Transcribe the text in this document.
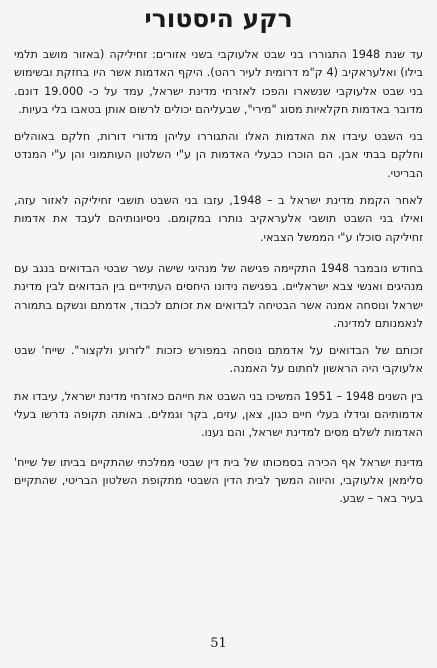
רקע היסטורי

עד שנת 1948 התגוררו בני שבט אלעוקבי בשני אזורים: זחיליקה (באזור מושב תלמי בילו) ואלעראקיב (4 ק"מ דרומית לעיר רהט). היקף האדמות אשר היו בחזקת ובשימוש בני שבט אלעוקבי שנשארו והפכו לאזרחי מדינת ישראל, עמד על כ- 19.000 דונם. מדובר באדמות חקלאיות מסוג "מירי", שבעליהם יכולים לרשום אותן בטאבו בלי בעיות.

בני השבט עיבדו את האדמות האלו והתגוררו עליהן מדורי דורות, חלקם באוהלים וחלקם בבתי אבן. הם הוכרו כבעלי האדמות הן ע"י השלטון העותמוני והן ע"י המנדט הבריטי.

לאחר הקמת מדינת ישראל ב – 1948, עזבו בני השבט תושבי זחיליקה לאזור עזה, ואילו בני השבט תושבי אלעראקיב נותרו במקומם. ניסיונותיהם לעבד את אדמות זחיליקה סוכלו ע"י הממשל הצבאי.

בחודש נובמבר 1948 התקיימה פגישה של מנהיגי שישה עשר שבטי הבדואים בנגב עם מנהיגים ואנשי צבא ישראליים. בפגישה נידונו היחסים העתידיים בין הבדואים לבין מדינת ישראל ונוסחה אמנה אשר הבטיחה לבדואים את זכותם לכבוד, אדמתם ונשקם בתמורה לנאמנותם למדינה.

זכותם של הבדואים על אדמתם נוסחה במפורש כזכות "לזרוע ולקצור". שייח' שבט אלעוקבי היה הראשון לחתום על האמנה.

בין השנים 1948 – 1951 המשיכו בני השבט את חייהם כאזרחי מדינת ישראל, עיבדו את אדמותיהם וגידלו בעלי חיים כגון, צאן, עזים, בקר וגמלים. באותה תקופה נדרשו בעלי האדמות לשלם מסים למדינת ישראל, והם נענו.

מדינת ישראל אף הכירה בסמכותו של בית דין שבטי ממלכתי שהתקיים בביתו של שייח' סלימאן אלעוקבי, והיווה המשך לבית הדין השבטי מתקופת השלטון הבריטי, שהתקיים בעיר באר – שבע.

51
